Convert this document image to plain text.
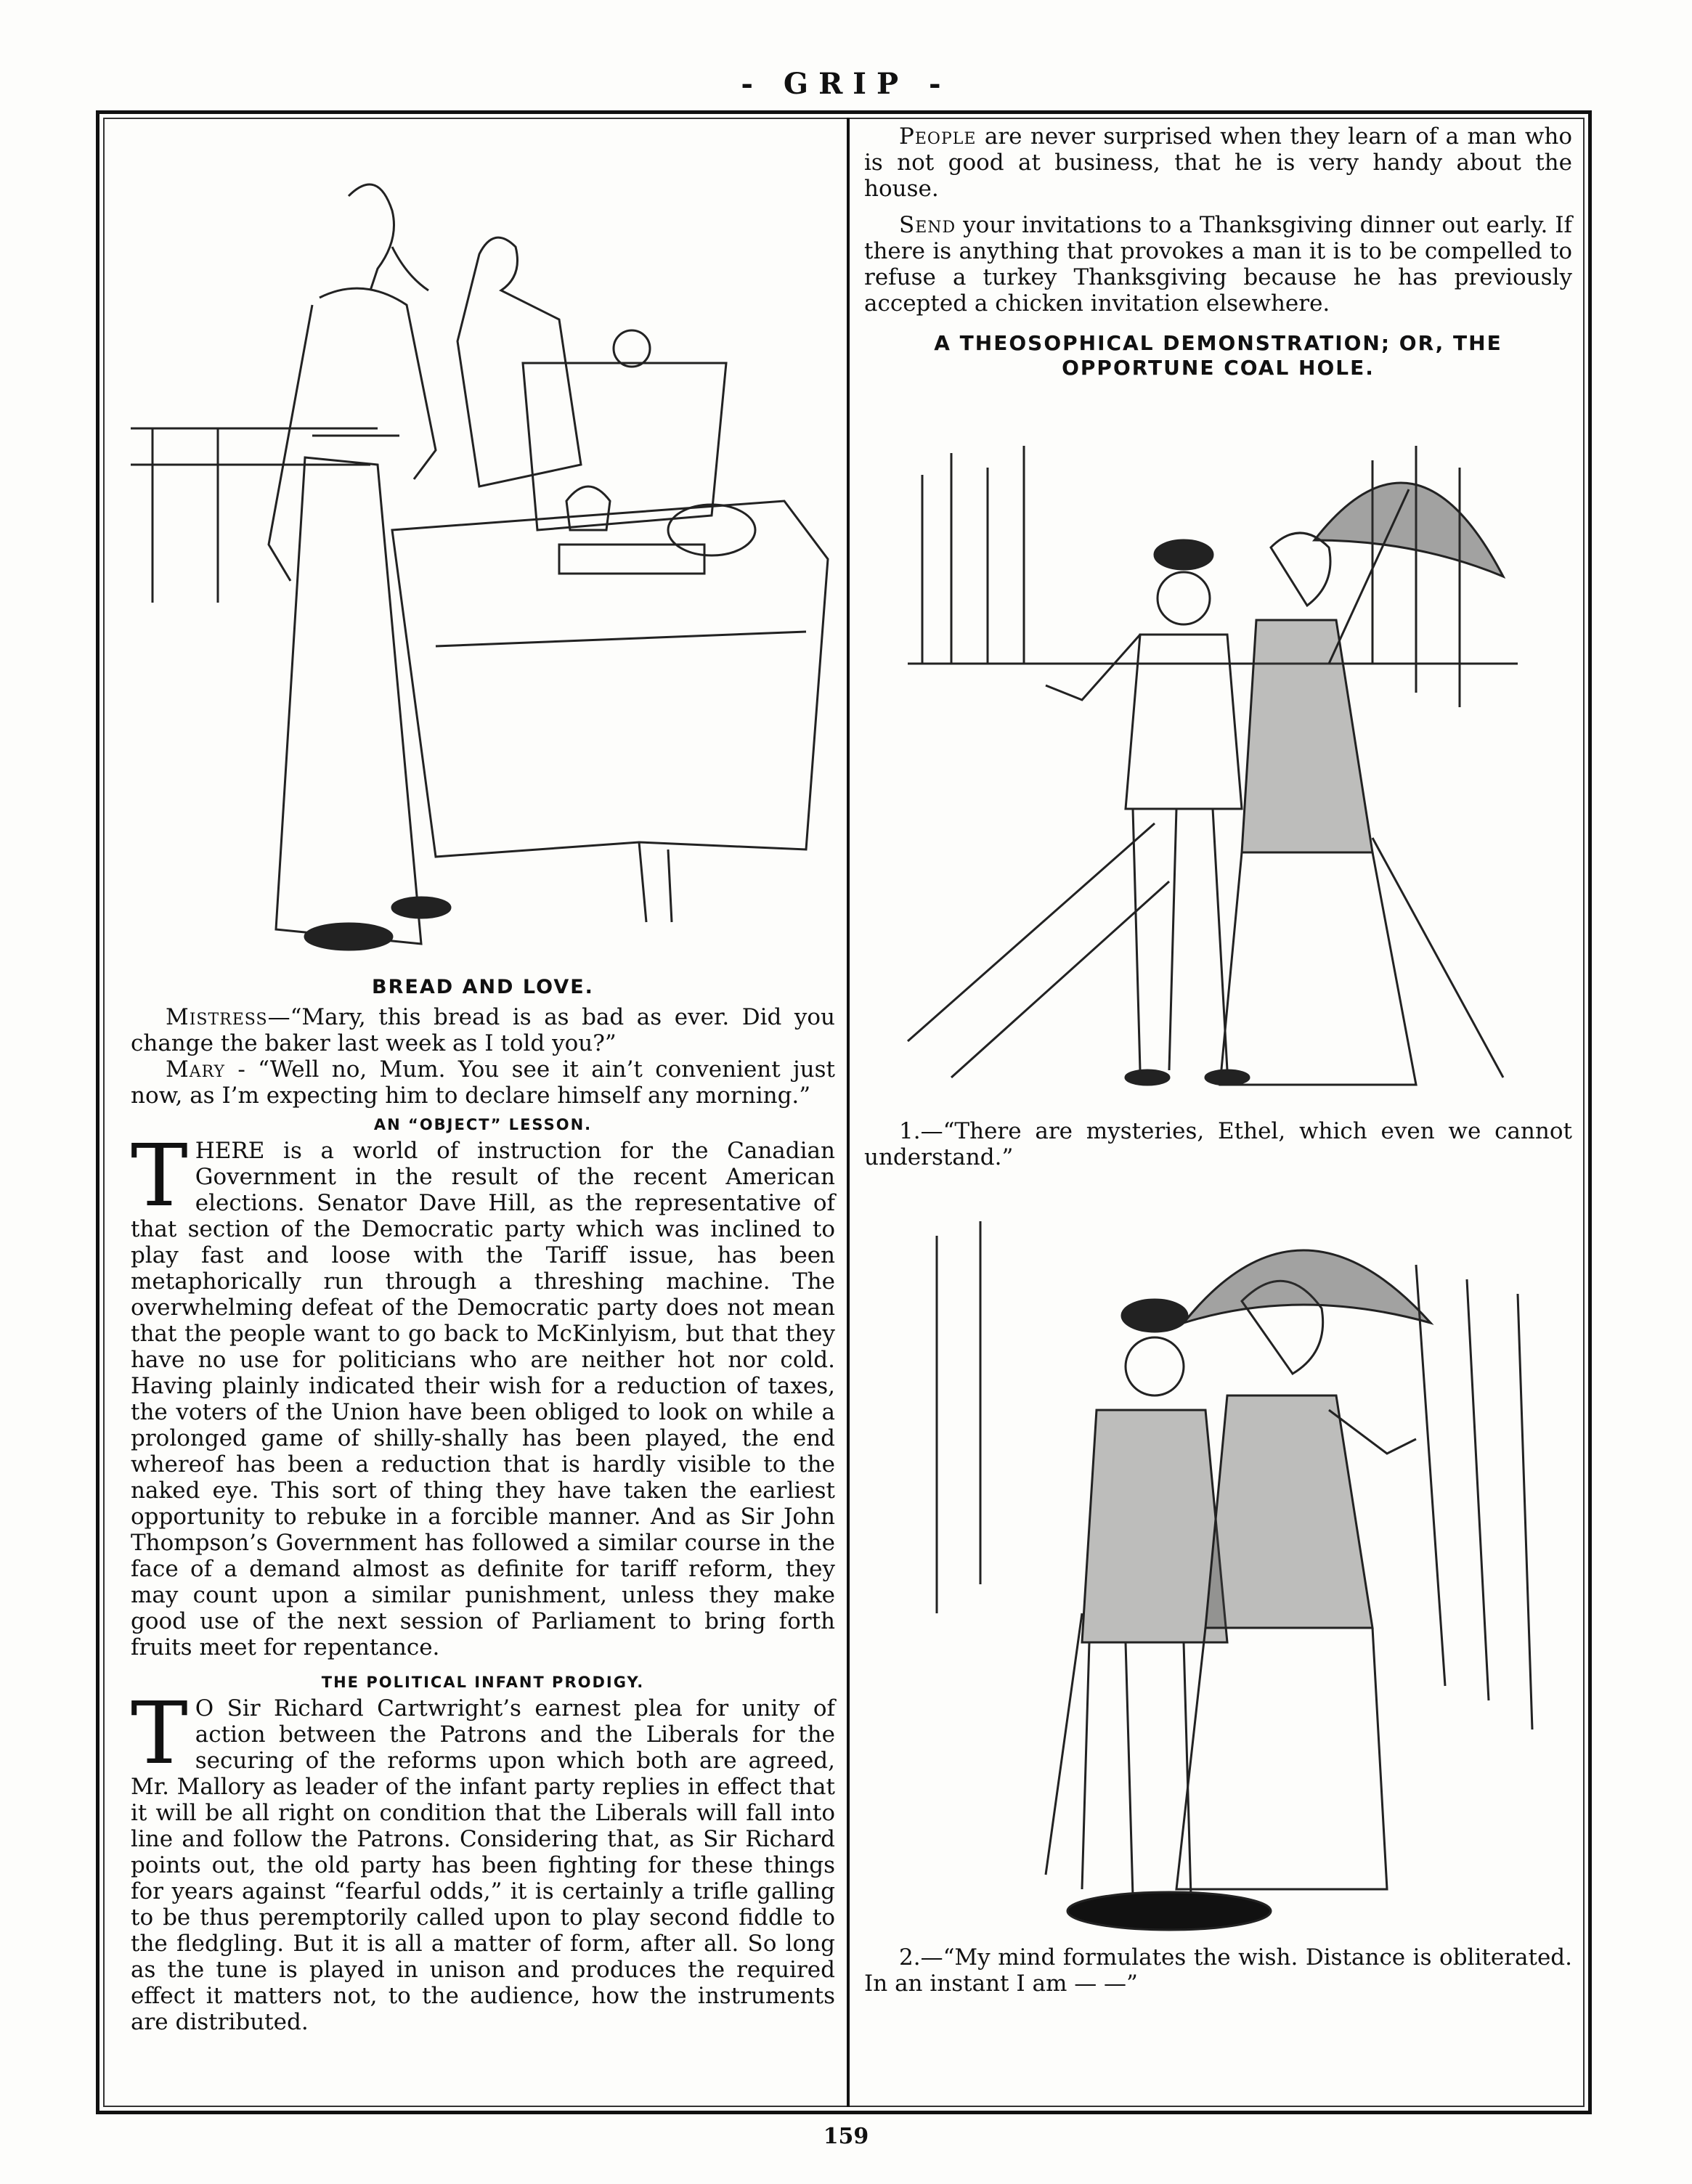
- GRIP -
BREAD AND LOVE.

Mistress—“Mary, this bread is as bad as ever. Did you change the baker last week as I told you?”

Mary - “Well no, Mum. You see it ain’t convenient just now, as I’m expecting him to declare himself any morning.”

AN “OBJECT” LESSON.

THERE is a world of instruction for the Canadian Government in the result of the recent American elections. Senator Dave Hill, as the representative of that section of the Democratic party which was inclined to play fast and loose with the Tariff issue, has been metaphorically run through a threshing machine. The overwhelming defeat of the Democratic party does not mean that the people want to go back to McKinlyism, but that they have no use for politicians who are neither hot nor cold. Having plainly indicated their wish for a reduction of taxes, the voters of the Union have been obliged to look on while a prolonged game of shilly-shally has been played, the end whereof has been a reduction that is hardly visible to the naked eye. This sort of thing they have taken the earliest opportunity to rebuke in a forcible manner. And as Sir John Thompson’s Government has followed a similar course in the face of a demand almost as definite for tariff reform, they may count upon a similar punishment, unless they make good use of the next session of Parliament to bring forth fruits meet for repentance.

THE POLITICAL INFANT PRODIGY.

TO Sir Richard Cartwright’s earnest plea for unity of action between the Patrons and the Liberals for the securing of the reforms upon which both are agreed, Mr. Mallory as leader of the infant party replies in effect that it will be all right on condition that the Liberals will fall into line and follow the Patrons. Considering that, as Sir Richard points out, the old party has been fighting for these things for years against “fearful odds,” it is certainly a trifle galling to be thus peremptorily called upon to play second fiddle to the fledgling. But it is all a matter of form, after all. So long as the tune is played in unison and produces the required effect it matters not, to the audience, how the instruments are distributed.

People are never surprised when they learn of a man who is not good at business, that he is very handy about the house.

Send your invitations to a Thanksgiving dinner out early. If there is anything that provokes a man it is to be compelled to refuse a turkey Thanksgiving because he has previously accepted a chicken invitation elsewhere.

A THEOSOPHICAL DEMONSTRATION; OR, THE OPPORTUNE COAL HOLE.
1.—“There are mysteries, Ethel, which even we cannot understand.”
2.—“My mind formulates the wish. Distance is obliterated. In an instant I am — —”
159
